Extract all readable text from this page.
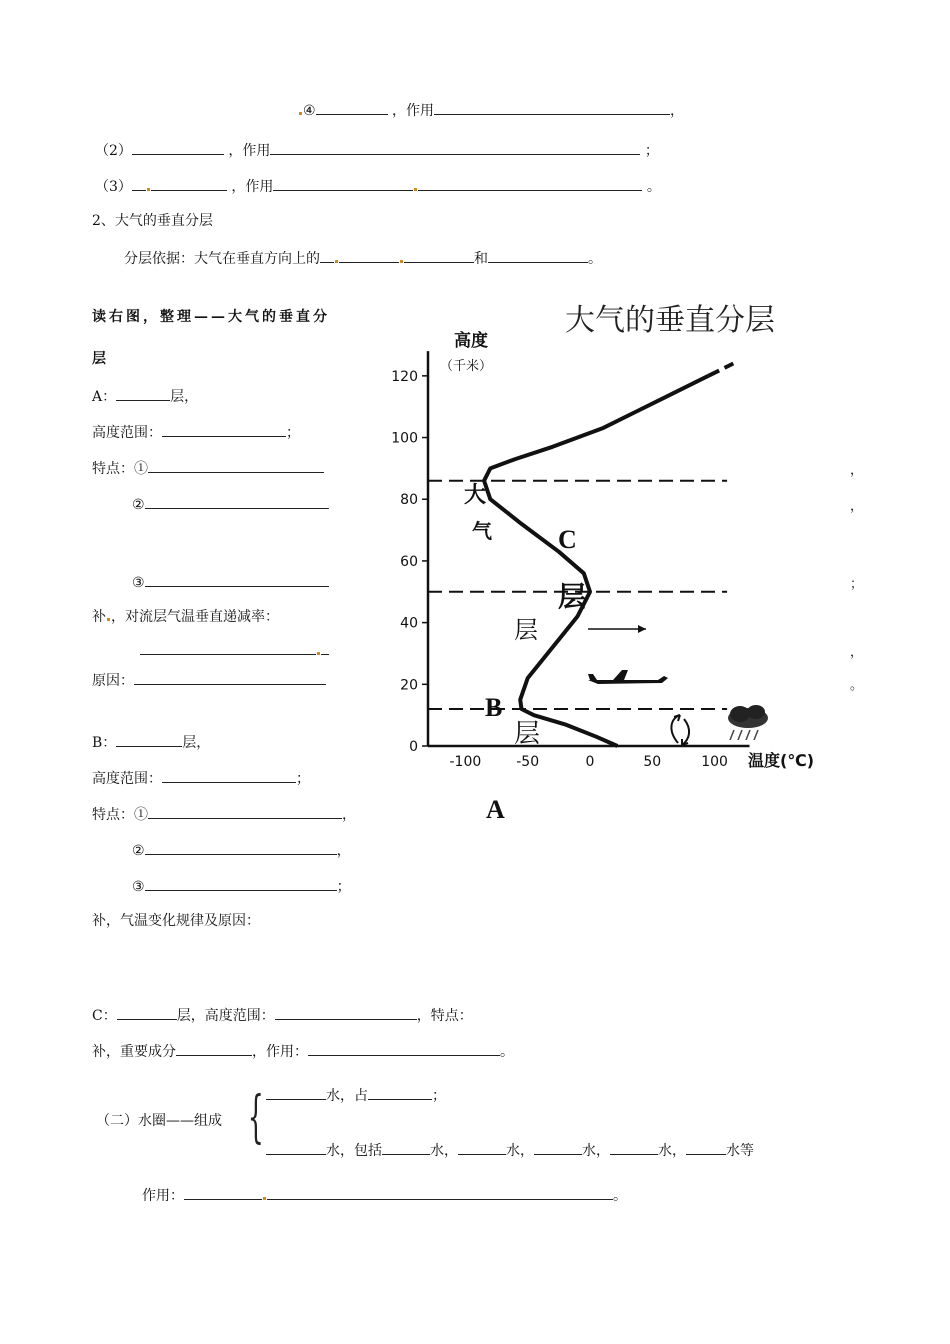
④	，作用	，
（2）	，作用	；
（3）	，作用	。
2、大气的垂直分层
分层依据：大气在垂直方向上的	和	。
读右图，整理——大气的垂直分
层
A：	层，
高度范围：	；
特点：①
②
③
补 ，对流层气温垂直递减率：
原因：
B：	层，
高度范围：	；
特点：①	，
②	，
③	；
补，气温变化规律及原因：
C：	层，高度范围：	，特点：
补，重要成分	，作用：	。
，
，
；
，
。
（二）水圈——组成 {	水，占	；
水，包括	水，	水，	水，	水，	水等
作用：	。
大气的垂直分层
高度
（千米）
温度(℃)
0
20
40
60
80
100
120
-100 -50	0	50	100
大
气	C
层
层
B
层
A
